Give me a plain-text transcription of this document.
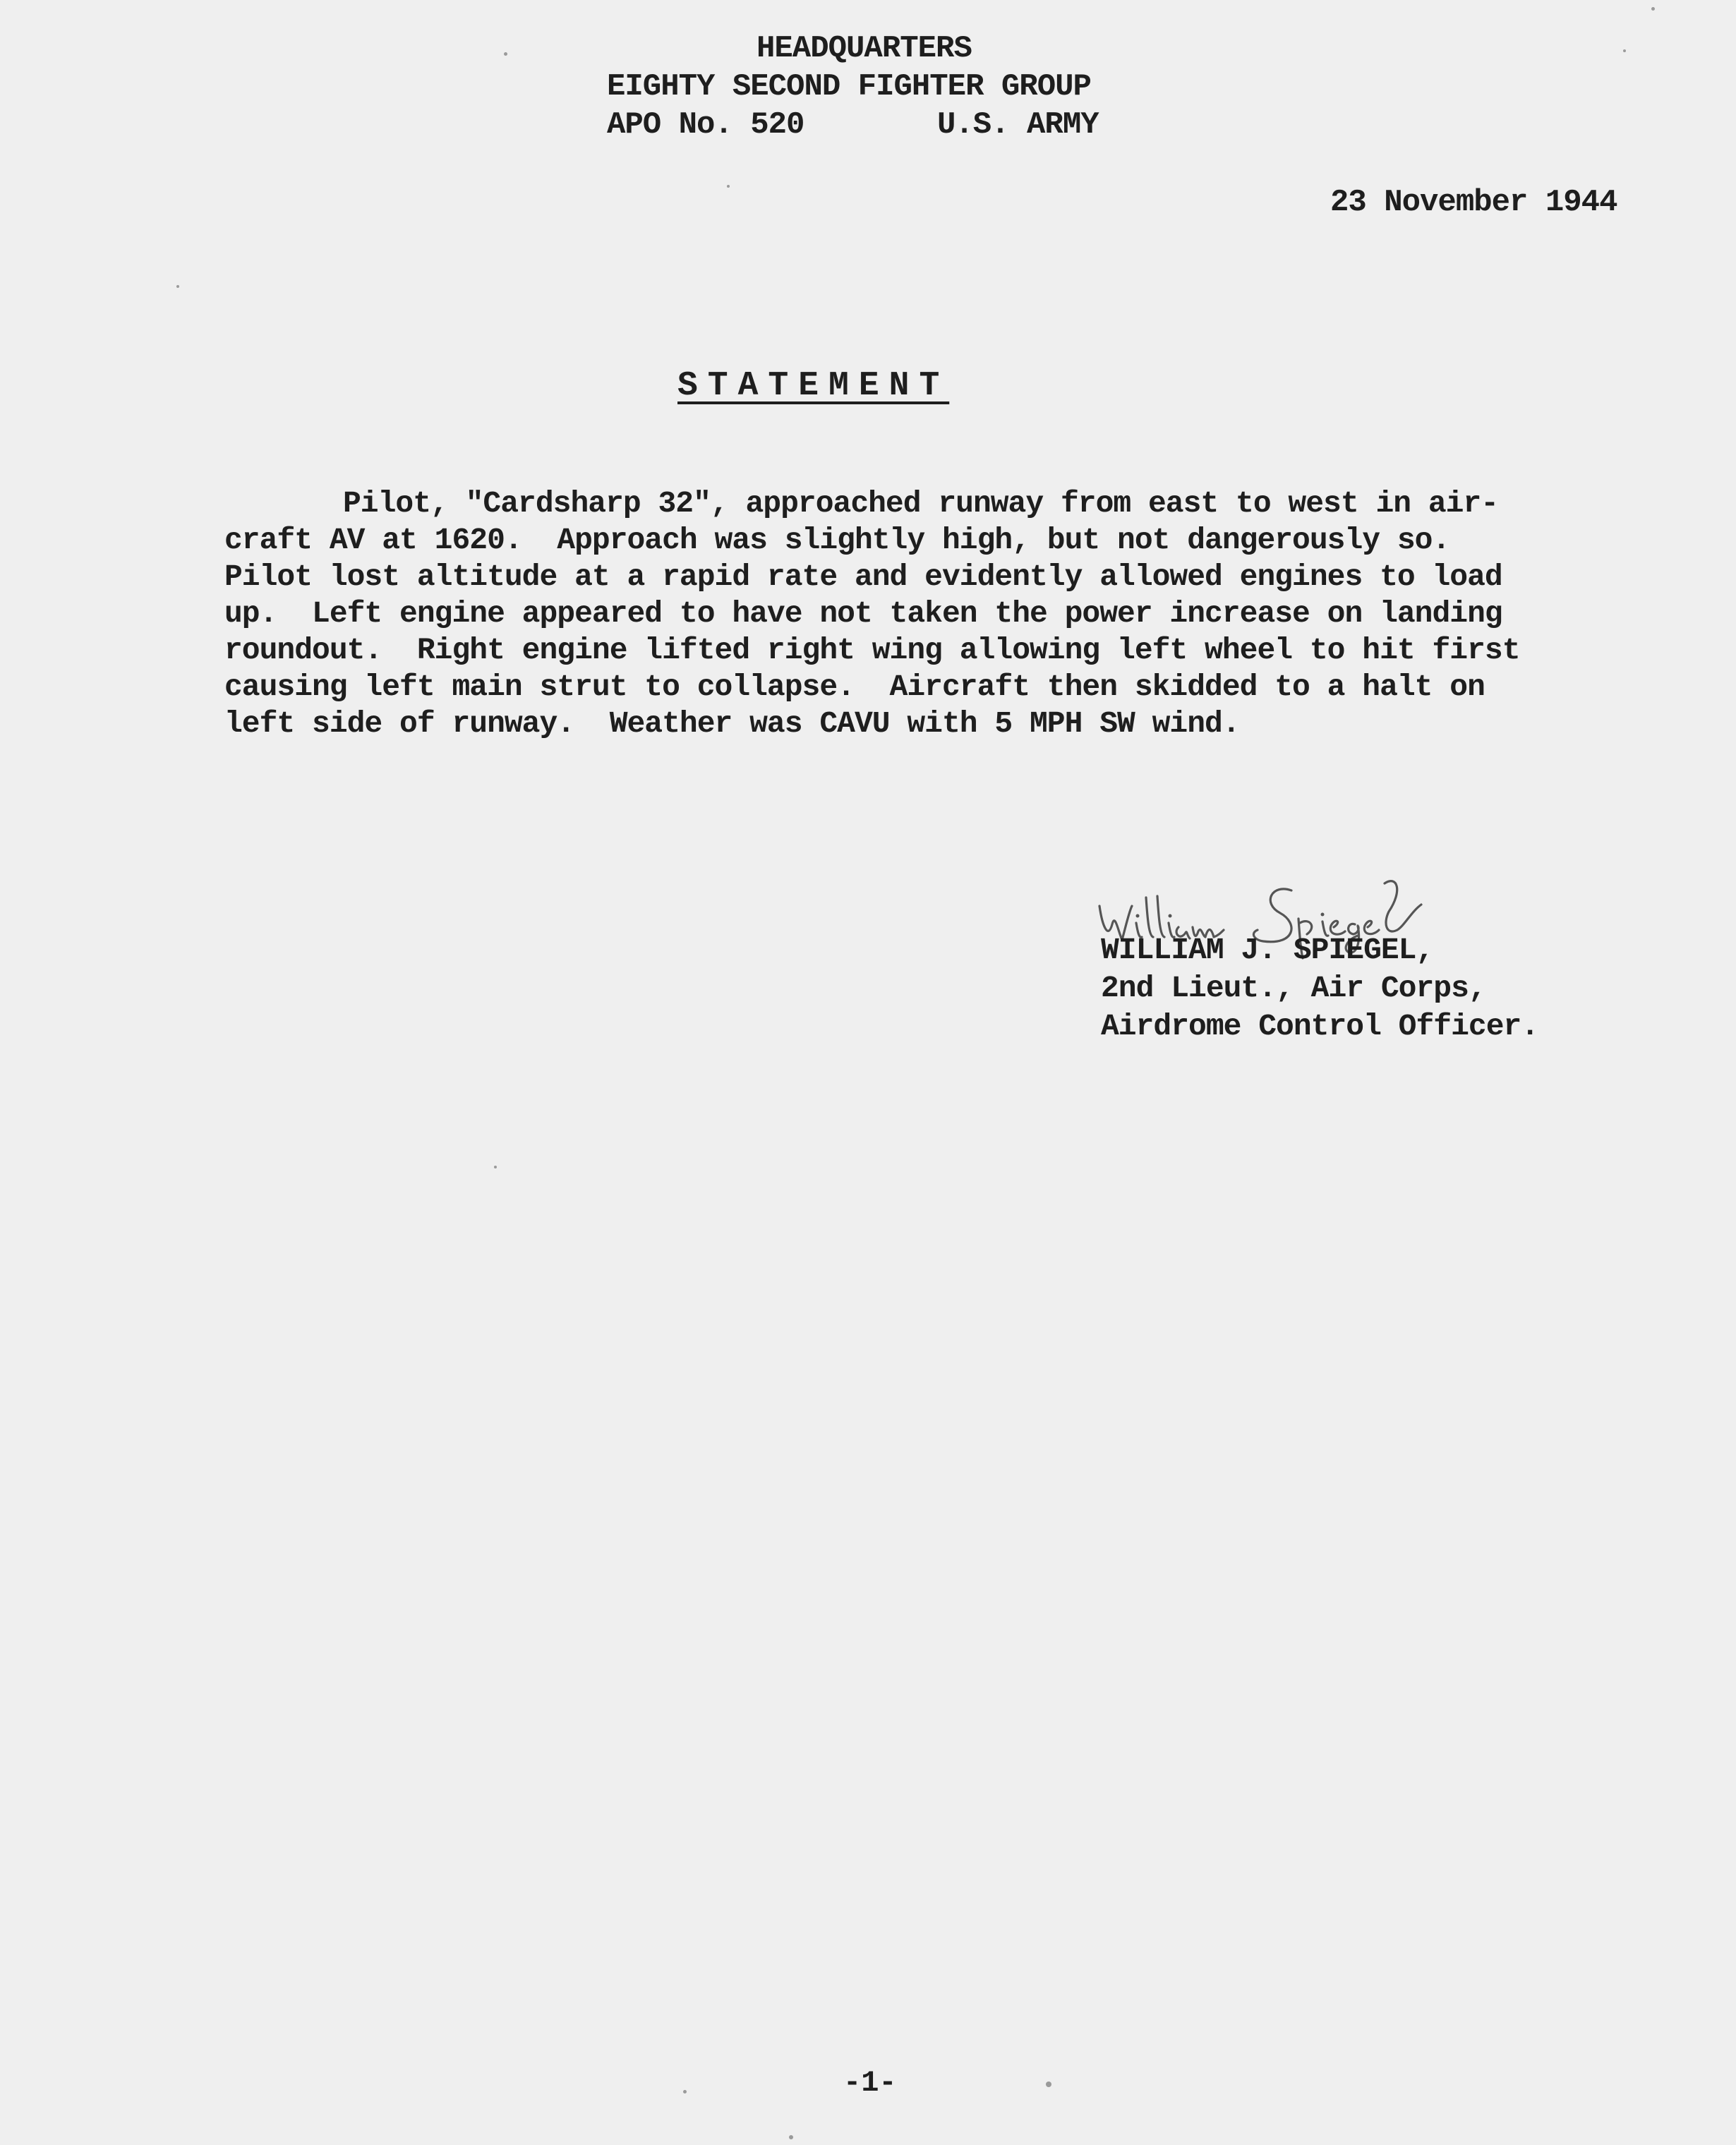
HEADQUARTERS
EIGHTY SECOND FIGHTER GROUP
APO No. 520	U.S. ARMY
23 November 1944
STATEMENT
Pilot, "Cardsharp 32", approached runway from east to west in air-
craft AV at 1620.  Approach was slightly high, but not dangerously so.
Pilot lost altitude at a rapid rate and evidently allowed engines to load
up.  Left engine appeared to have not taken the power increase on landing
roundout.  Right engine lifted right wing allowing left wheel to hit first
causing left main strut to collapse.  Aircraft then skidded to a halt on
left side of runway.  Weather was CAVU with 5 MPH SW wind.
WILLIAM J. SPIEGEL,
2nd Lieut., Air Corps,
Airdrome Control Officer.
-1-
